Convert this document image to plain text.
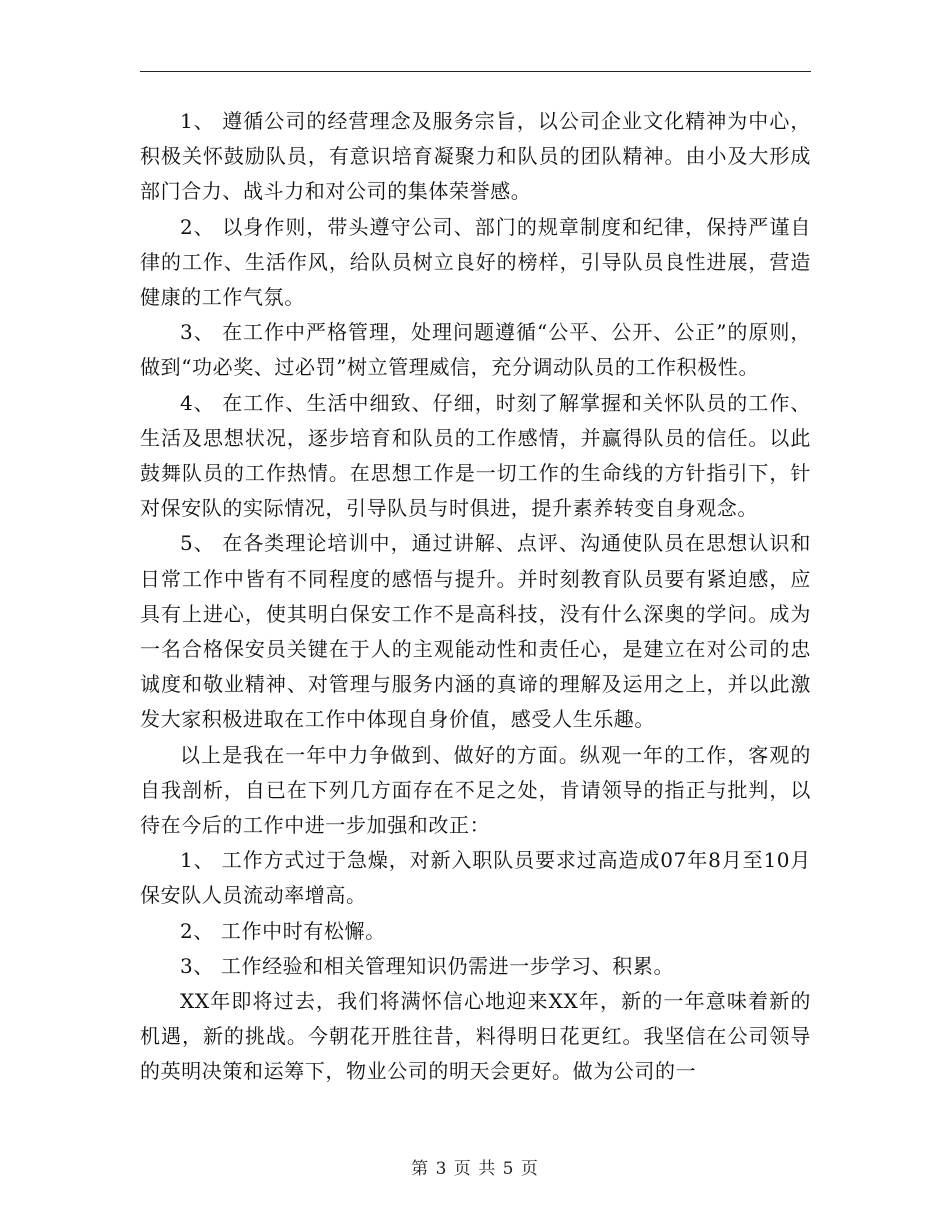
1、 遵循公司的经营理念及服务宗旨，以公司企业文化精神为中心，积极关怀鼓励队员，有意识培育凝聚力和队员的团队精神。由小及大形成部门合力、战斗力和对公司的集体荣誉感。

2、 以身作则，带头遵守公司、部门的规章制度和纪律，保持严谨自律的工作、生活作风，给队员树立良好的榜样，引导队员良性进展，营造健康的工作气氛。

3、 在工作中严格管理，处理问题遵循“公平、公开、公正”的原则，做到“功必奖、过必罚”树立管理威信，充分调动队员的工作积极性。

4、 在工作、生活中细致、仔细，时刻了解掌握和关怀队员的工作、生活及思想状况，逐步培育和队员的工作感情，并赢得队员的信任。以此鼓舞队员的工作热情。在思想工作是一切工作的生命线的方针指引下，针对保安队的实际情况，引导队员与时俱进，提升素养转变自身观念。

5、 在各类理论培训中，通过讲解、点评、沟通使队员在思想认识和日常工作中皆有不同程度的感悟与提升。并时刻教育队员要有紧迫感，应具有上进心，使其明白保安工作不是高科技，没有什么深奥的学问。成为一名合格保安员关键在于人的主观能动性和责任心，是建立在对公司的忠诚度和敬业精神、对管理与服务内涵的真谛的理解及运用之上，并以此激发大家积极进取在工作中体现自身价值，感受人生乐趣。

以上是我在一年中力争做到、做好的方面。纵观一年的工作，客观的自我剖析，自已在下列几方面存在不足之处，肯请领导的指正与批判，以待在今后的工作中进一步加强和改正：

1、 工作方式过于急燥，对新入职队员要求过高造成07年8月至10月保安队人员流动率增高。

2、 工作中时有松懈。

3、 工作经验和相关管理知识仍需进一步学习、积累。

XX年即将过去，我们将满怀信心地迎来XX年，新的一年意味着新的机遇，新的挑战。今朝花开胜往昔，料得明日花更红。我坚信在公司领导的英明决策和运筹下，物业公司的明天会更好。做为公司的一

第 3 页 共 5 页
